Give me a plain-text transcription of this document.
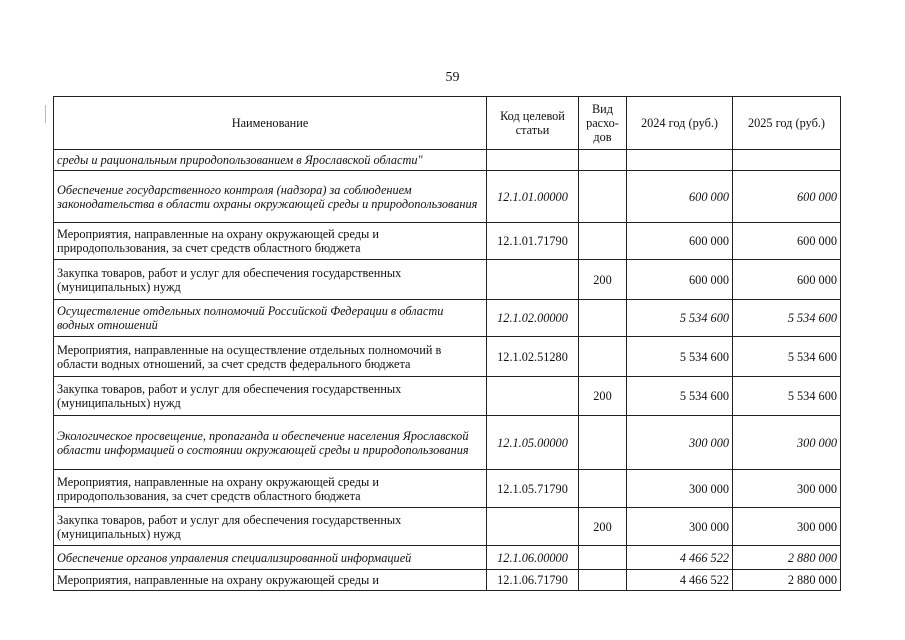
59
Наименование	Код целевой статьи	Вид расхо-дов	2024 год (руб.)	2025 год (руб.)
среды и рациональным природопользованием в Ярославской области"				
Обеспечение государственного контроля (надзора) за соблюдением законодательства в области охраны окружающей среды и природопользования	12.1.01.00000		600 000	600 000
Мероприятия, направленные на охрану окружающей среды и природопользования, за счет средств областного бюджета	12.1.01.71790		600 000	600 000
Закупка товаров, работ и услуг для обеспечения государственных (муниципальных) нужд		200	600 000	600 000
Осуществление отдельных полномочий Российской Федерации в области водных отношений	12.1.02.00000		5 534 600	5 534 600
Мероприятия, направленные на осуществление отдельных полномочий в области водных отношений, за счет средств федерального бюджета	12.1.02.51280		5 534 600	5 534 600
Закупка товаров, работ и услуг для обеспечения государственных (муниципальных) нужд		200	5 534 600	5 534 600
Экологическое просвещение, пропаганда и обеспечение населения Ярославской области информацией о состоянии окружающей среды и природопользования	12.1.05.00000		300 000	300 000
Мероприятия, направленные на охрану окружающей среды и природопользования, за счет средств областного бюджета	12.1.05.71790		300 000	300 000
Закупка товаров, работ и услуг для обеспечения государственных (муниципальных) нужд		200	300 000	300 000
Обеспечение органов управления специализированной информацией	12.1.06.00000		4 466 522	2 880 000
Мероприятия, направленные на охрану окружающей среды и	12.1.06.71790		4 466 522	2 880 000
